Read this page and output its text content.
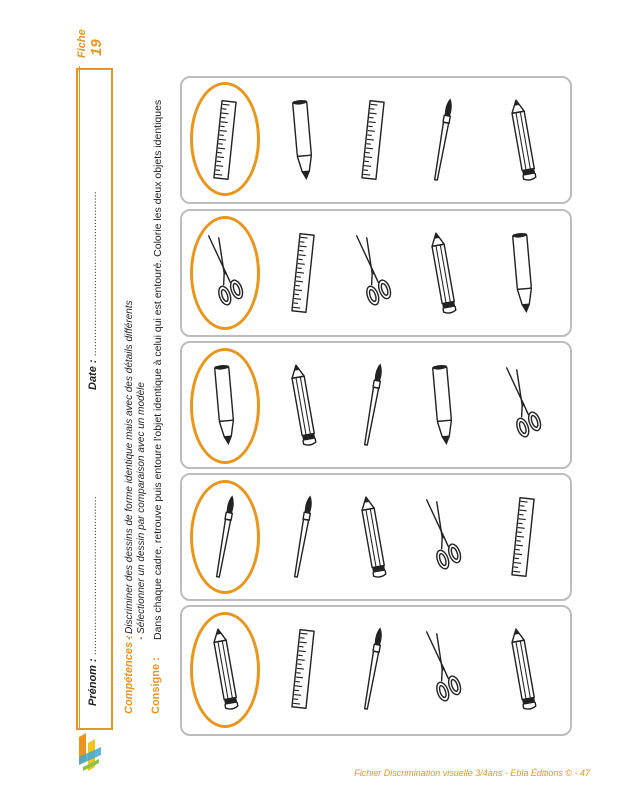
Fiche 19
Prénom : ....................................................
Date : ......................................................
Compétences :
- Discriminer des dessins de forme identique mais avec des détails différents - Sélectionner un dessin par comparaison avec un modèle
Consigne :
Dans chaque cadre, retrouve puis entoure l'objet identique à celui qui est entouré. Colorie les deux objets identiques
Fichier Discrimination visuelle 3/4ans - Ebla Éditions © - 47
